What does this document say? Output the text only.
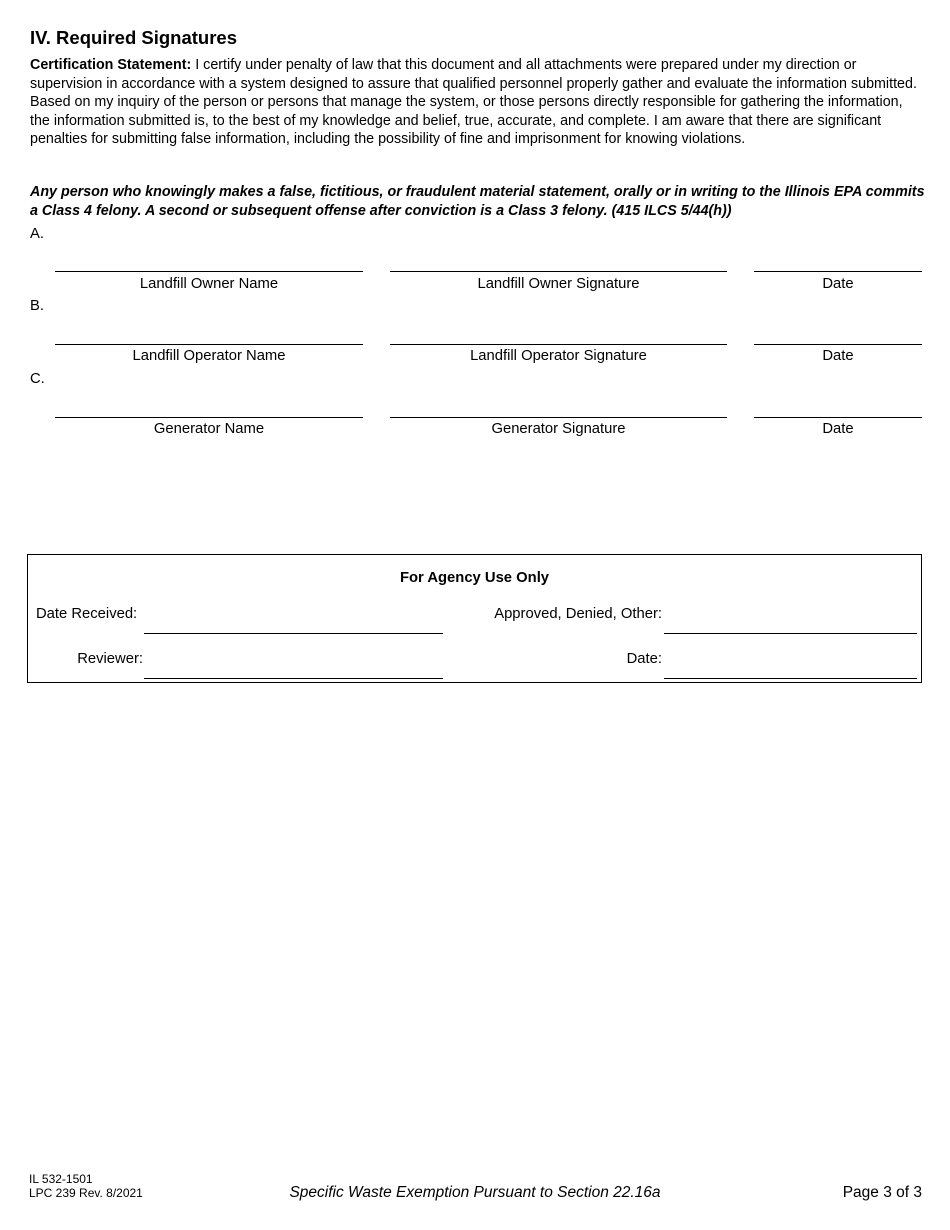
IV. Required Signatures
Certification Statement: I certify under penalty of law that this document and all attachments were prepared under my direction or supervision in accordance with a system designed to assure that qualified personnel properly gather and evaluate the information submitted. Based on my inquiry of the person or persons that manage the system, or those persons directly responsible for gathering the information, the information submitted is, to the best of my knowledge and belief, true, accurate, and complete. I am aware that there are significant penalties for submitting false information, including the possibility of fine and imprisonment for knowing violations.
Any person who knowingly makes a false, fictitious, or fraudulent material statement, orally or in writing to the Illinois EPA commits a Class 4 felony. A second or subsequent offense after conviction is a Class 3 felony. (415 ILCS 5/44(h))
A.
Landfill Owner Name	Landfill Owner Signature	Date
B.
Landfill Operator Name	Landfill Operator Signature	Date
C.
Generator Name	Generator Signature	Date
For Agency Use Only
Date Received:	Approved, Denied, Other:
Reviewer:	Date:
IL 532-1501
LPC 239 Rev. 8/2021	Specific Waste Exemption Pursuant to Section 22.16a	Page 3 of 3
